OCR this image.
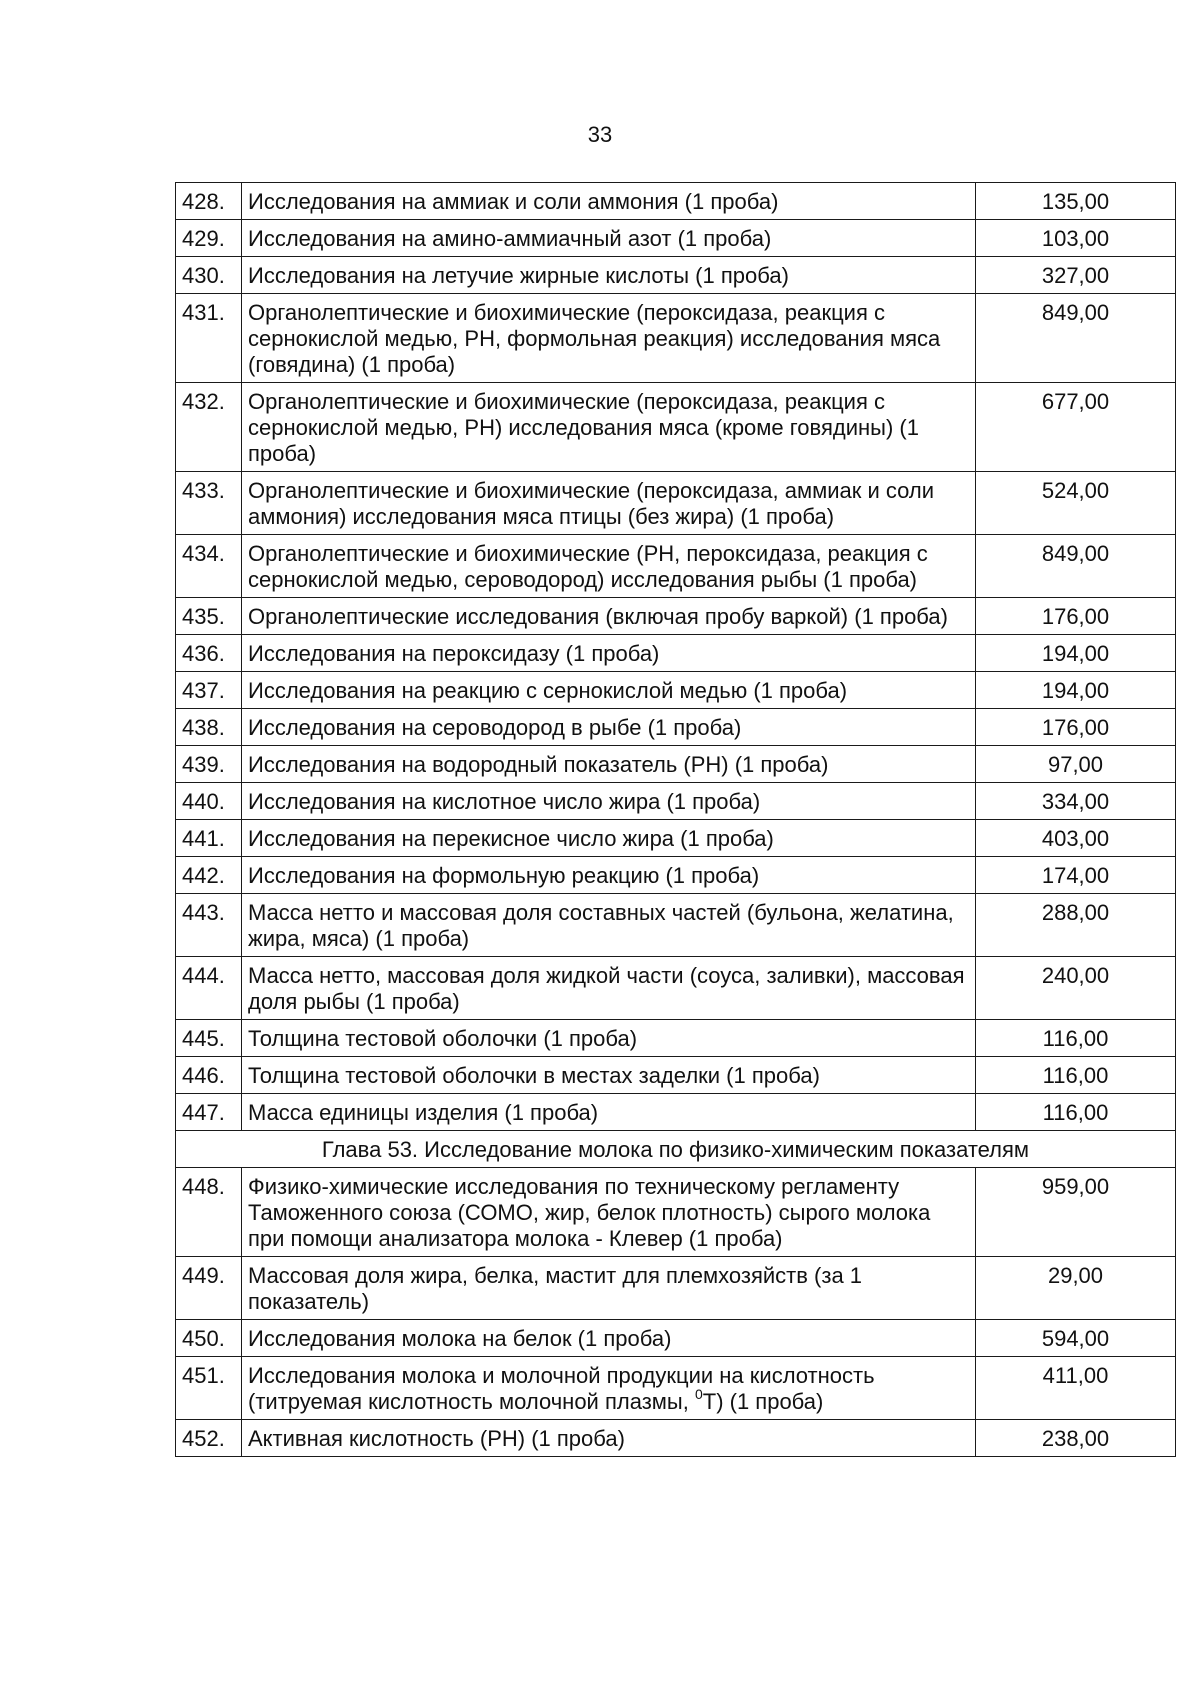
33
428.	Исследования на аммиак и соли аммония (1 проба)	135,00
429.	Исследования на амино-аммиачный азот (1 проба)	103,00
430.	Исследования на летучие жирные кислоты (1 проба)	327,00
431.	Органолептические и биохимические (пероксидаза, реакция с сернокислой медью, PH, формольная реакция) исследования мяса (говядина) (1 проба)	849,00
432.	Органолептические и биохимические (пероксидаза, реакция с сернокислой медью, PH) исследования мяса (кроме говядины) (1 проба)	677,00
433.	Органолептические и биохимические (пероксидаза, аммиак и соли аммония) исследования мяса птицы (без жира) (1 проба)	524,00
434.	Органолептические и биохимические (PH, пероксидаза, реакция с сернокислой медью, сероводород) исследования рыбы (1 проба)	849,00
435.	Органолептические исследования (включая пробу варкой) (1 проба)	176,00
436.	Исследования на пероксидазу (1 проба)	194,00
437.	Исследования на реакцию с сернокислой медью (1 проба)	194,00
438.	Исследования на сероводород в рыбе (1 проба)	176,00
439.	Исследования на водородный показатель (PH) (1 проба)	97,00
440.	Исследования на кислотное число жира (1 проба)	334,00
441.	Исследования на перекисное число жира (1 проба)	403,00
442.	Исследования на формольную реакцию (1 проба)	174,00
443.	Масса нетто и массовая доля составных частей (бульона, желатина, жира, мяса) (1 проба)	288,00
444.	Масса нетто, массовая доля жидкой части (соуса, заливки), массовая доля рыбы (1 проба)	240,00
445.	Толщина тестовой оболочки (1 проба)	116,00
446.	Толщина тестовой оболочки в местах заделки (1 проба)	116,00
447.	Масса единицы изделия (1 проба)	116,00
Глава 53. Исследование молока по физико-химическим показателям		
448.	Физико-химические исследования по техническому регламенту Таможенного союза (СОМО, жир, белок плотность) сырого молока при помощи анализатора молока - Клевер (1 проба)	959,00
449.	Массовая доля жира, белка, мастит для племхозяйств (за 1 показатель)	29,00
450.	Исследования молока на белок (1 проба)	594,00
451.	Исследования молока и молочной продукции на кислотность (титруемая кислотность молочной плазмы, $^0$Т) (1 проба)	411,00
452.	Активная кислотность (PH) (1 проба)	238,00
